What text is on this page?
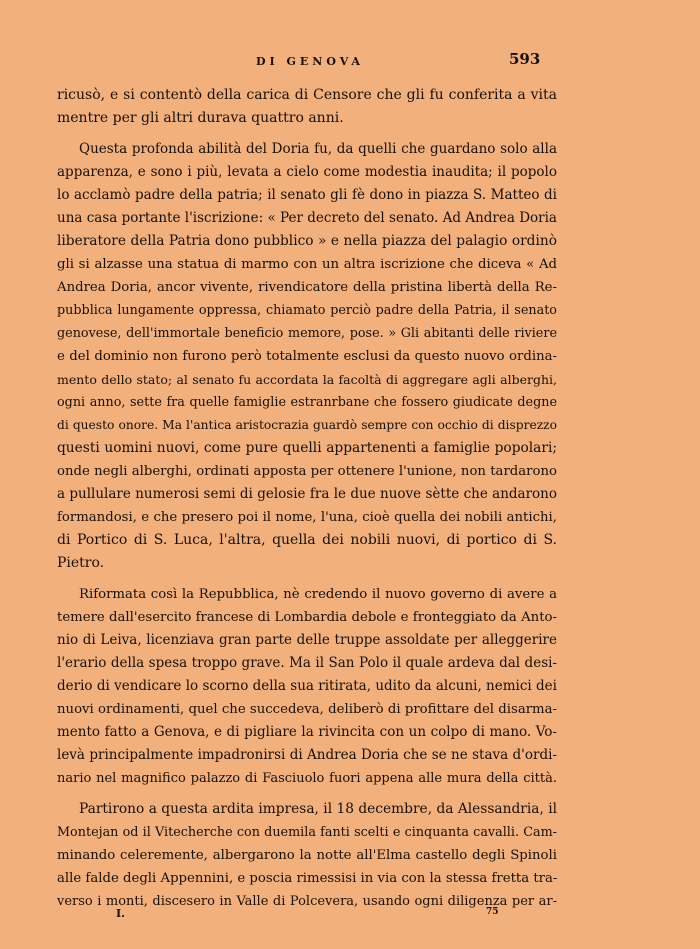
DI GENOVA	593
ricusò, e si contentò della carica di Censore che gli fu conferita a vita
mentre per gli altri durava quattro anni.
Questa profonda abilità del Doria fu, da quelli che guardano solo alla
apparenza, e sono i più, levata a cielo come modestia inaudita; il popolo
lo acclamò padre della patria; il senato gli fè dono in piazza S. Matteo di
una casa portante l'iscrizione: « Per decreto del senato. Ad Andrea Doria
liberatore della Patria dono pubblico » e nella piazza del palagio ordinò
gli si alzasse una statua di marmo con un altra iscrizione che diceva « Ad
Andrea Doria, ancor vivente, rivendicatore della pristina libertà della Re-
pubblica lungamente oppressa, chiamato perciò padre della Patria, il senato
genovese, dell'immortale beneficio memore, pose. » Gli abitanti delle riviere
e del dominio non furono però totalmente esclusi da questo nuovo ordina-
mento dello stato; al senato fu accordata la facoltà di aggregare agli alberghi,
ogni anno, sette fra quelle famiglie estranrbane che fossero giudicate degne
di questo onore. Ma l'antica aristocrazia guardò sempre con occhio di disprezzo
questi uomini nuovi, come pure quelli appartenenti a famiglie popolari;
onde negli alberghi, ordinati apposta per ottenere l'unione, non tardarono
a pullulare numerosi semi di gelosie fra le due nuove sètte che andarono
formandosi, e che presero poi il nome, l'una, cioè quella dei nobili antichi,
di Portico di S. Luca, l'altra, quella dei nobili nuovi, di portico di S.
Pietro.
Riformata così la Repubblica, nè credendo il nuovo governo di avere a
temere dall'esercito francese di Lombardia debole e fronteggiato da Anto-
nio di Leiva, licenziava gran parte delle truppe assoldate per alleggerire
l'erario della spesa troppo grave. Ma il San Polo il quale ardeva dal desi-
derio di vendicare lo scorno della sua ritirata, udito da alcuni, nemici dei
nuovi ordinamenti, quel che succedeva, deliberò di profittare del disarma-
mento fatto a Genova, e di pigliare la rivincita con un colpo di mano. Vo-
levà principalmente impadronirsi di Andrea Doria che se ne stava d'ordi-
nario nel magnifico palazzo di Fasciuolo fuori appena alle mura della città.
Partirono a questa ardita impresa, il 18 decembre, da Alessandria, il
Montejan od il Vitecherche con duemila fanti scelti e cinquanta cavalli. Cam-
minando celeremente, albergarono la notte all'Elma castello degli Spinoli
alle falde degli Appennini, e poscia rimessisi in via con la stessa fretta tra-
verso i monti, discesero in Valle di Polcevera, usando ogni diligenza per ar-
I.	75
